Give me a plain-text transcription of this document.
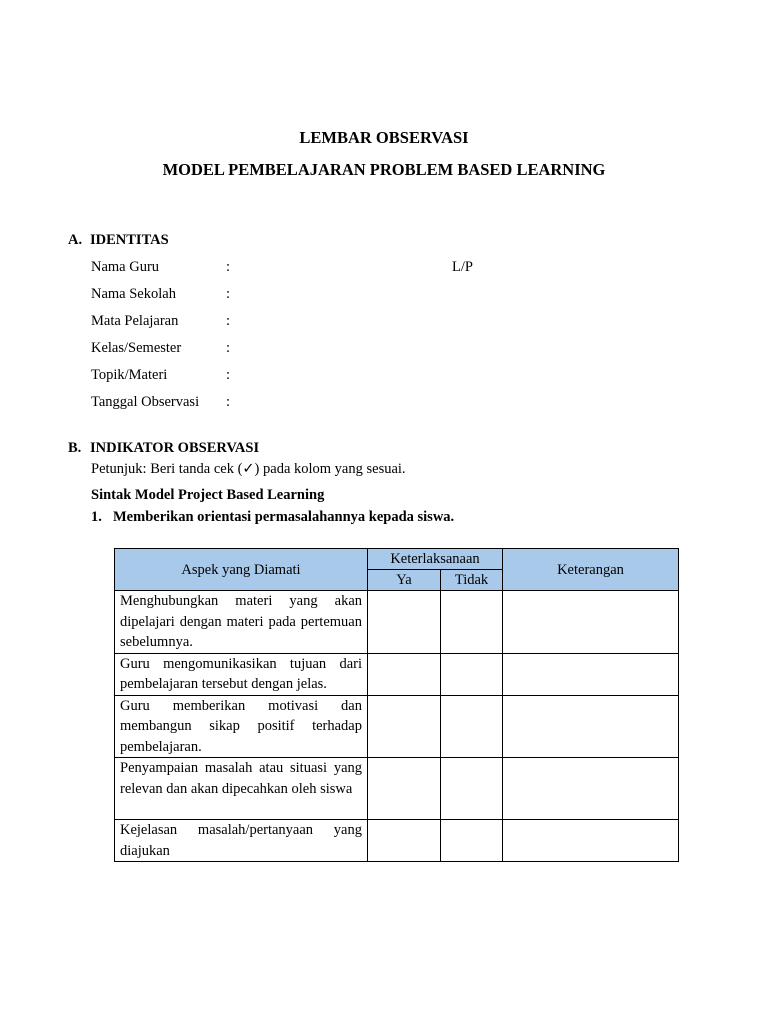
LEMBAR OBSERVASI
MODEL PEMBELAJARAN PROBLEM BASED LEARNING
A. IDENTITAS
Nama Guru	:	L/P
Nama Sekolah	:
Mata Pelajaran	:
Kelas/Semester	:
Topik/Materi	:
Tanggal Observasi :
B. INDIKATOR OBSERVASI
Petunjuk: Beri tanda cek (✓) pada kolom yang sesuai.
Sintak Model Project Based Learning
1. Memberikan orientasi permasalahannya kepada siswa.
Aspek yang Diamati	Keterlaksanaan		Keterangan
	Ya	Tidak	
Menghubungkan materi yang akan dipelajari dengan materi pada pertemuan sebelumnya.			
Guru mengomunikasikan tujuan dari pembelajaran tersebut dengan jelas.			
Guru memberikan motivasi dan membangun sikap positif terhadap pembelajaran.			
Penyampaian masalah atau situasi yang relevan dan akan dipecahkan oleh siswa			
Kejelasan masalah/pertanyaan yang diajukan			
